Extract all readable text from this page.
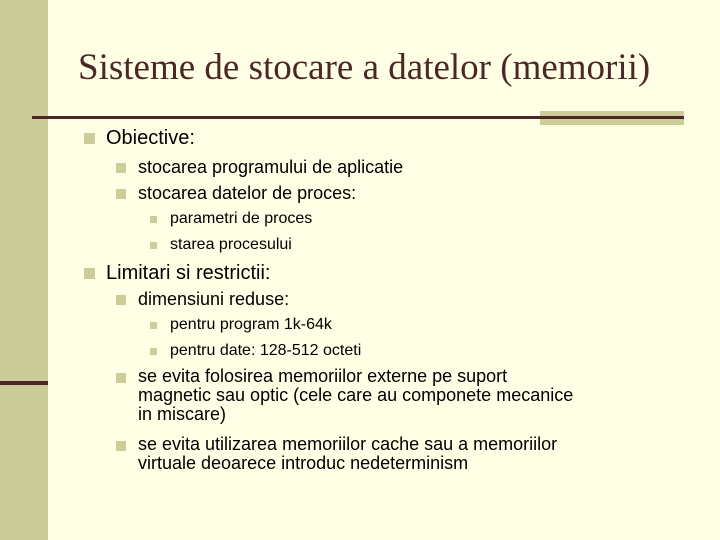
Sisteme de stocare a datelor (memorii)
Obiective:
stocarea programului de aplicatie
stocarea datelor de proces:
parametri de proces
starea procesului
Limitari si restrictii:
dimensiuni reduse:
pentru program 1k-64k
pentru date: 128-512 octeti
se evita folosirea memoriilor externe pe suport
magnetic sau optic (cele care au componete mecanice
in miscare)
se evita utilizarea memoriilor cache sau a memoriilor
virtuale deoarece introduc nedeterminism
